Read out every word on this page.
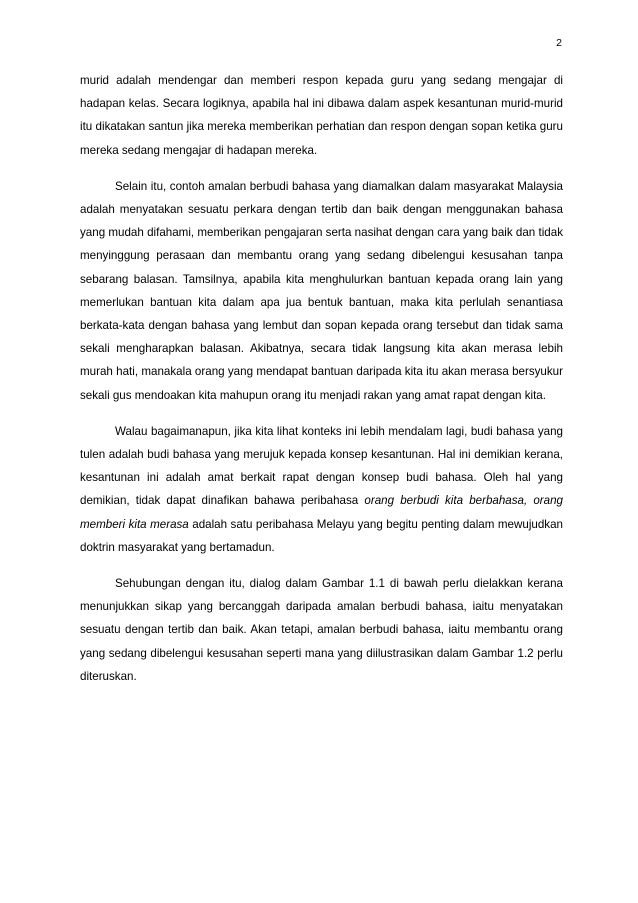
2

murid adalah mendengar dan memberi respon kepada guru yang sedang mengajar di hadapan kelas. Secara logiknya, apabila hal ini dibawa dalam aspek kesantunan murid-murid itu dikatakan santun jika mereka memberikan perhatian dan respon dengan sopan ketika guru mereka sedang mengajar di hadapan mereka.

Selain itu, contoh amalan berbudi bahasa yang diamalkan dalam masyarakat Malaysia adalah menyatakan sesuatu perkara dengan tertib dan baik dengan menggunakan bahasa yang mudah difahami, memberikan pengajaran serta nasihat dengan cara yang baik dan tidak menyinggung perasaan dan membantu orang yang sedang dibelengui kesusahan tanpa sebarang balasan. Tamsilnya, apabila kita menghulurkan bantuan kepada orang lain yang memerlukan bantuan kita dalam apa jua bentuk bantuan, maka kita perlulah senantiasa berkata-kata dengan bahasa yang lembut dan sopan kepada orang tersebut dan tidak sama sekali mengharapkan balasan. Akibatnya, secara tidak langsung kita akan merasa lebih murah hati, manakala orang yang mendapat bantuan daripada kita itu akan merasa bersyukur sekali gus mendoakan kita mahupun orang itu menjadi rakan yang amat rapat dengan kita.

Walau bagaimanapun, jika kita lihat konteks ini lebih mendalam lagi, budi bahasa yang tulen adalah budi bahasa yang merujuk kepada konsep kesantunan. Hal ini demikian kerana, kesantunan ini adalah amat berkait rapat dengan konsep budi bahasa. Oleh hal yang demikian, tidak dapat dinafikan bahawa peribahasa orang berbudi kita berbahasa, orang memberi kita merasa adalah satu peribahasa Melayu yang begitu penting dalam mewujudkan doktrin masyarakat yang bertamadun.

Sehubungan dengan itu, dialog dalam Gambar 1.1 di bawah perlu dielakkan kerana menunjukkan sikap yang bercanggah daripada amalan berbudi bahasa, iaitu menyatakan sesuatu dengan tertib dan baik. Akan tetapi, amalan berbudi bahasa, iaitu membantu orang yang sedang dibelengui kesusahan seperti mana yang diilustrasikan dalam Gambar 1.2 perlu diteruskan.
